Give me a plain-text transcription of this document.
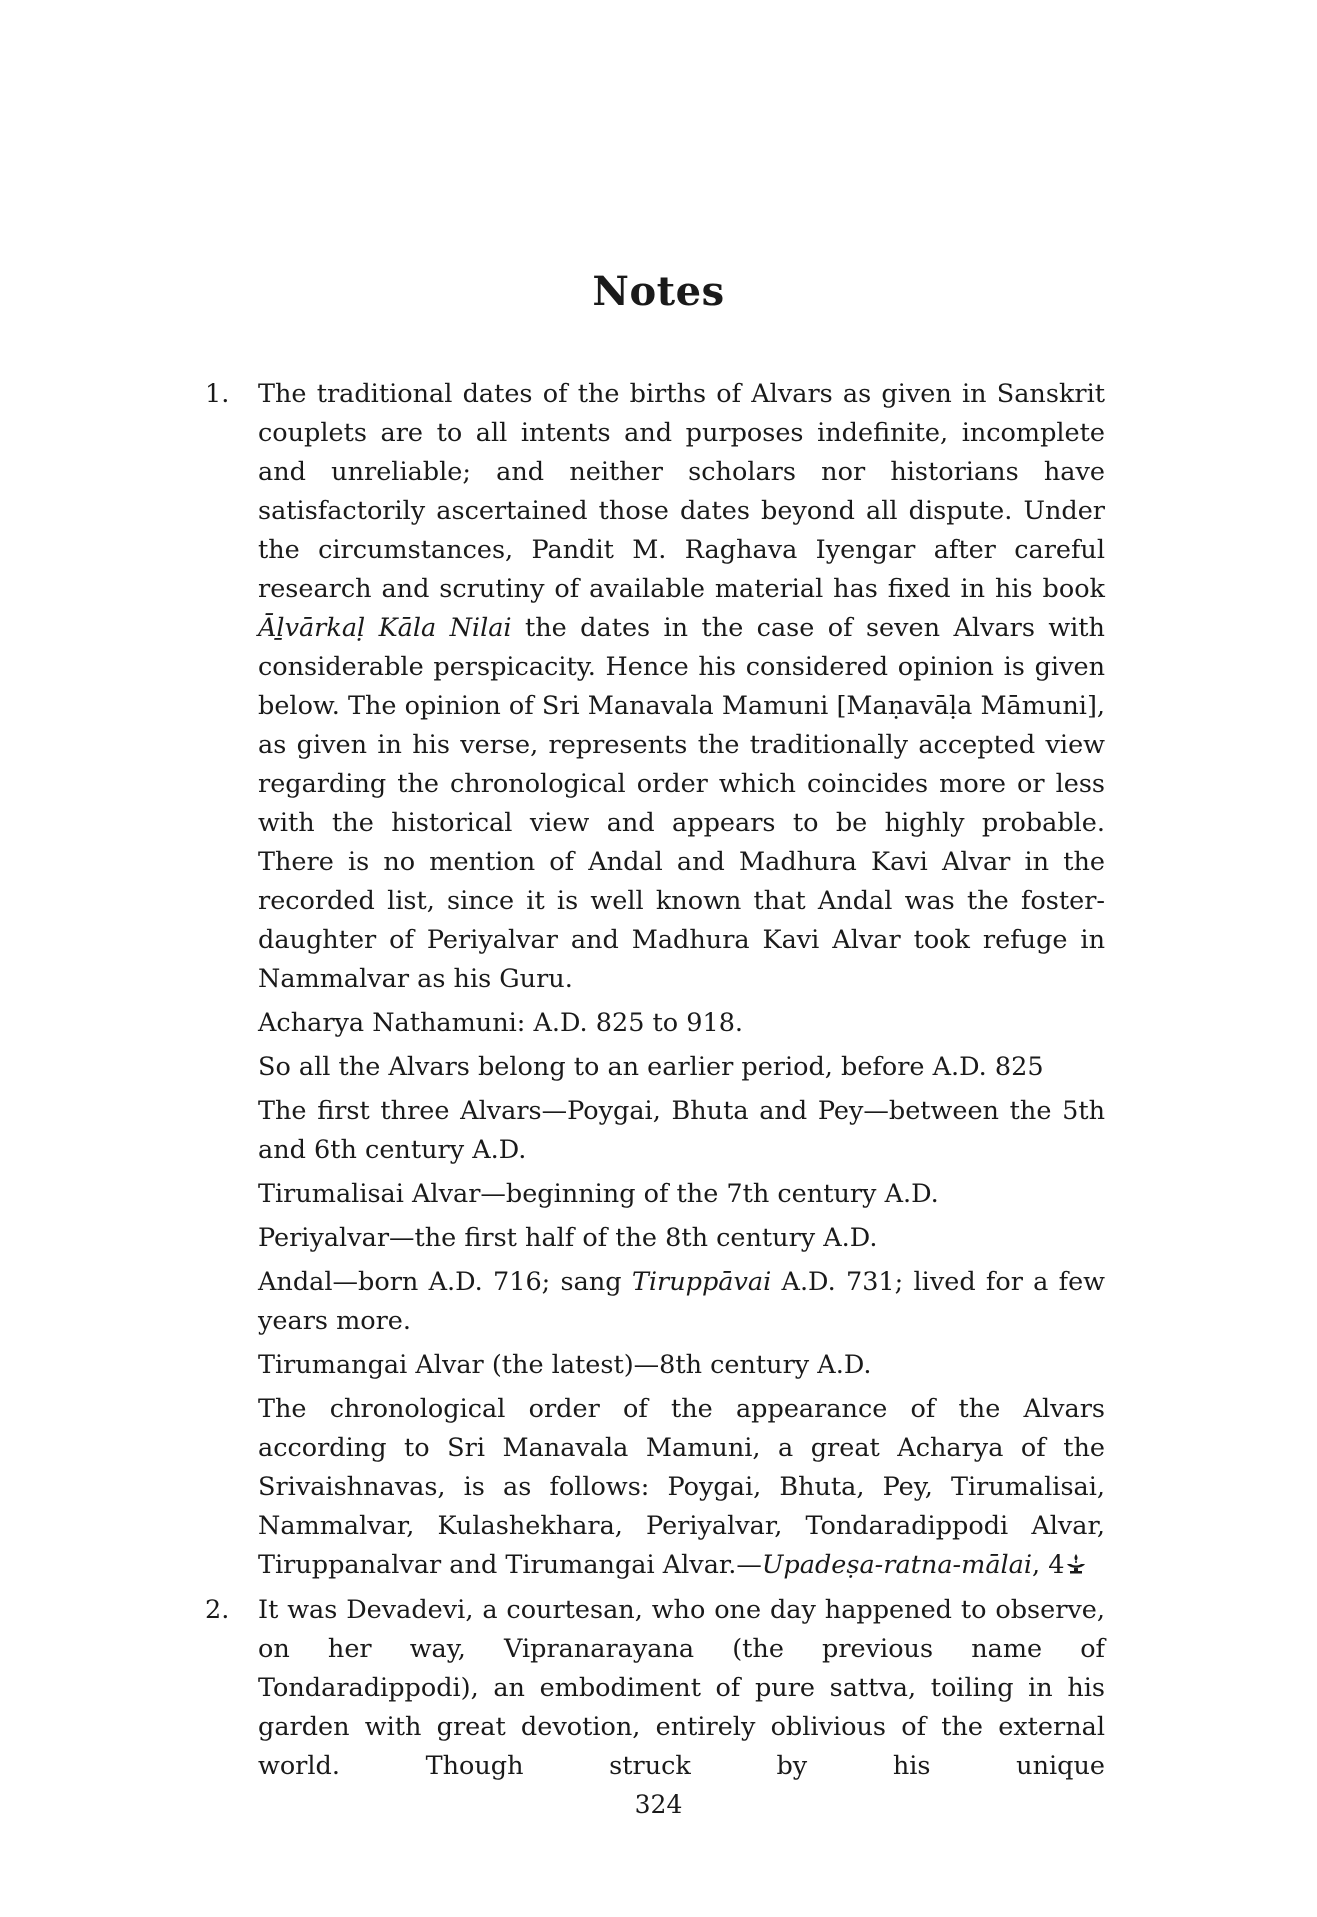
Notes
1. The traditional dates of the births of Alvars as given in Sanskrit couplets are to all intents and purposes indefinite, incomplete and unreliable; and neither scholars nor historians have satisfactorily ascertained those dates beyond all dispute. Under the circumstances, Pandit M. Raghava Iyengar after careful research and scrutiny of available material has fixed in his book Āḻvārkaḷ Kāla Nilai the dates in the case of seven Alvars with considerable perspicacity. Hence his considered opinion is given below. The opinion of Sri Manavala Mamuni [Maṇavāḷa Māmuni], as given in his verse, represents the traditionally accepted view regarding the chronological order which coincides more or less with the historical view and appears to be highly probable. There is no mention of Andal and Madhura Kavi Alvar in the recorded list, since it is well known that Andal was the foster-daughter of Periyalvar and Madhura Kavi Alvar took refuge in Nammalvar as his Guru.

Acharya Nathamuni: A.D. 825 to 918.

So all the Alvars belong to an earlier period, before A.D. 825

The first three Alvars—Poygai, Bhuta and Pey—between the 5th and 6th century A.D.

Tirumalisai Alvar—beginning of the 7th century A.D.

Periyalvar—the first half of the 8th century A.D.

Andal—born A.D. 716; sang Tiruppāvai A.D. 731; lived for a few years more.

Tirumangai Alvar (the latest)—8th century A.D.

The chronological order of the appearance of the Alvars according to Sri Manavala Mamuni, a great Acharya of the Srivaishnavas, is as follows: Poygai, Bhuta, Pey, Tirumalisai, Nammalvar, Kulashekhara, Periyalvar, Tondaradippodi Alvar, Tiruppanalvar and Tirumangai Alvar.—Upadeṣa-ratna-mālai, 4

2. It was Devadevi, a courtesan, who one day happened to observe, on her way, Vipranarayana (the previous name of Tondaradippodi), an embodiment of pure sattva, toiling in his garden with great devotion, entirely oblivious of the external world. Though struck by his unique

324
